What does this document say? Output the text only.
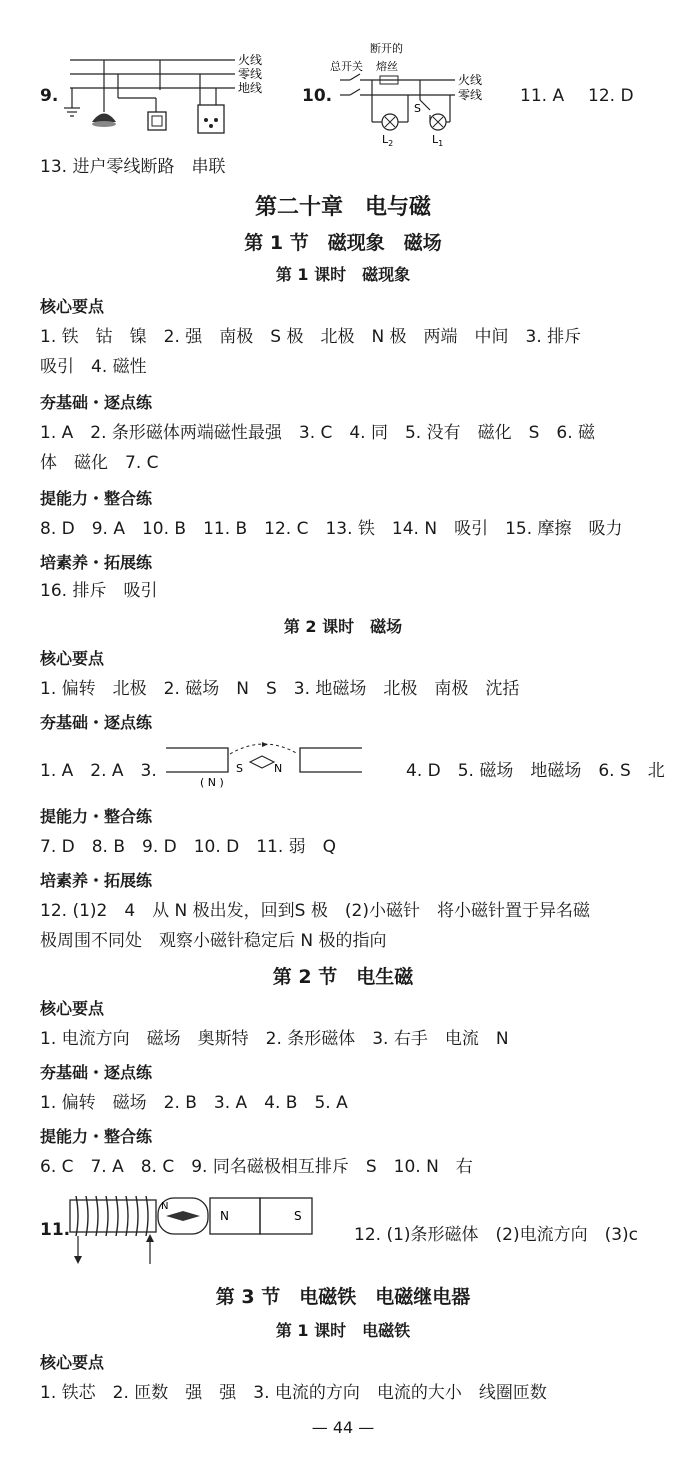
9.
火线
零线
地线 10.
断开的
总开关 熔丝
火线
零线
$L_2$
S
$L_1$
11. A 12. D
13. 进户零线断路　串联
第二十章　电与磁
第 1 节　磁现象　磁场
第 1 课时　磁现象
核心要点
1. 铁　钴　镍　2. 强　南极　S 极　北极　N 极　两端　中间　3. 排斥
吸引　4. 磁性
夯基础・逐点练
1. A　2. 条形磁体两端磁性最强　3. C　4. 同　5. 没有　磁化　S　6. 磁
体　磁化　7. C
提能力・整合练
8. D　9. A　10. B　11. B　12. C　13. 铁　14. N　吸引　15. 摩擦　吸力
培素养・拓展练
16. 排斥　吸引
第 2 课时　磁场
核心要点
1. 偏转　北极　2. 磁场　N　S　3. 地磁场　北极　南极　沈括
夯基础・逐点练
1. A　2. A　3.	S	N
( N )
4. D　5. 磁场　地磁场　6. S　北
提能力・整合练
7. D　8. B　9. D　10. D　11. 弱　Q
培素养・拓展练
12. (1)2　4　从 N 极出发，回到S 极　(2)小磁针　将小磁针置于异名磁
极周围不同处　观察小磁针稳定后 N 极的指向
第 2 节　电生磁
核心要点
1. 电流方向　磁场　奥斯特　2. 条形磁体　3. 右手　电流　N
夯基础・逐点练
1. 偏转　磁场　2. B　3. A　4. B　5. A
提能力・整合练
6. C　7. A　8. C　9. 同名磁极相互排斥　S　10. N　右
11.
N
N	S
12. (1)条形磁体　(2)电流方向　(3)c
第 3 节　电磁铁　电磁继电器
第 1 课时　电磁铁
核心要点
1. 铁芯　2. 匝数　强　强　3. 电流的方向　电流的大小　线圈匝数
— 44 —
